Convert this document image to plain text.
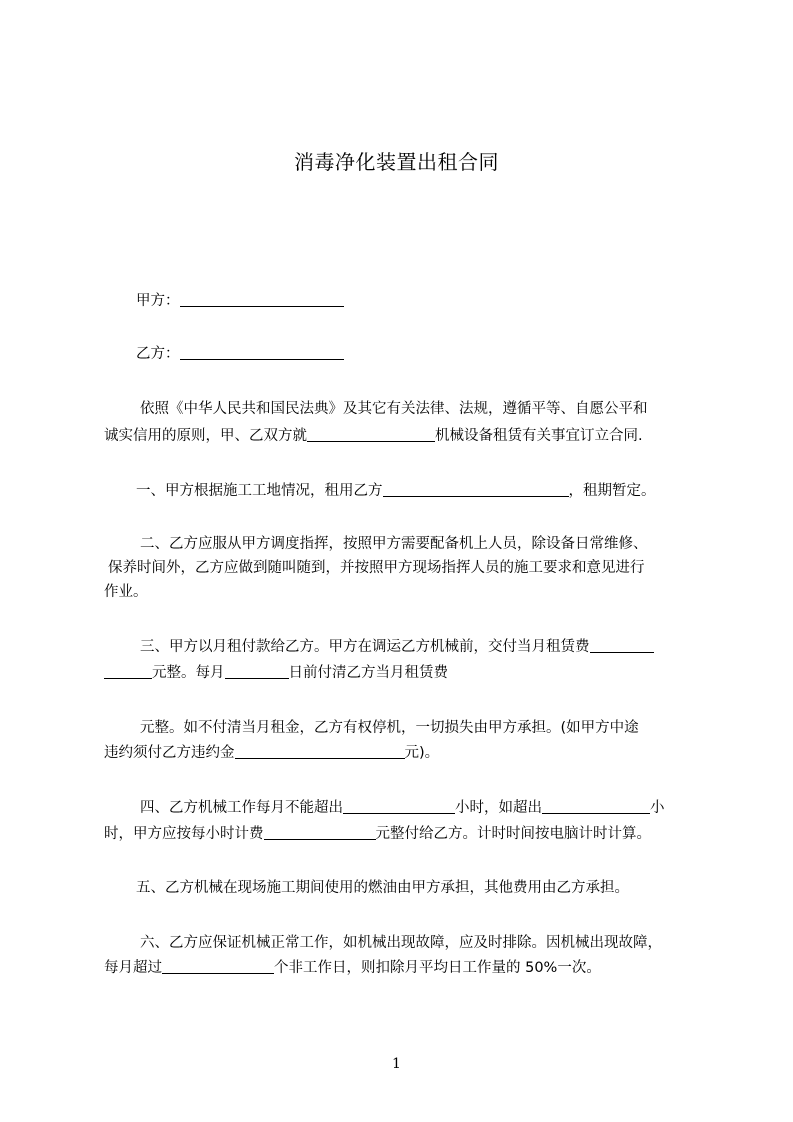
消毒净化装置出租合同
甲方：
乙方：
依照《中华人民共和国民法典》及其它有关法律、法规，遵循平等、自愿公平和
诚实信用的原则，甲、乙双方就	机械设备租赁有关事宜订立合同.
一、甲方根据施工工地情况，租用乙方	，租期暂定。
二、乙方应服从甲方调度指挥，按照甲方需要配备机上人员，除设备日常维修、
保养时间外，乙方应做到随叫随到，并按照甲方现场指挥人员的施工要求和意见进行
作业。
三、甲方以月租付款给乙方。甲方在调运乙方机械前，交付当月租赁费
元整。每月	日前付清乙方当月租赁费
元整。如不付清当月租金，乙方有权停机，一切损失由甲方承担。(如甲方中途
违约须付乙方违约金	元)。
四、乙方机械工作每月不能超出	小时，如超出	小
时，甲方应按每小时计费	元整付给乙方。计时时间按电脑计时计算。
五、乙方机械在现场施工期间使用的燃油由甲方承担，其他费用由乙方承担。
六、乙方应保证机械正常工作，如机械出现故障，应及时排除。因机械出现故障，
每月超过	个非工作日，则扣除月平均日工作量的 50%一次。
1
